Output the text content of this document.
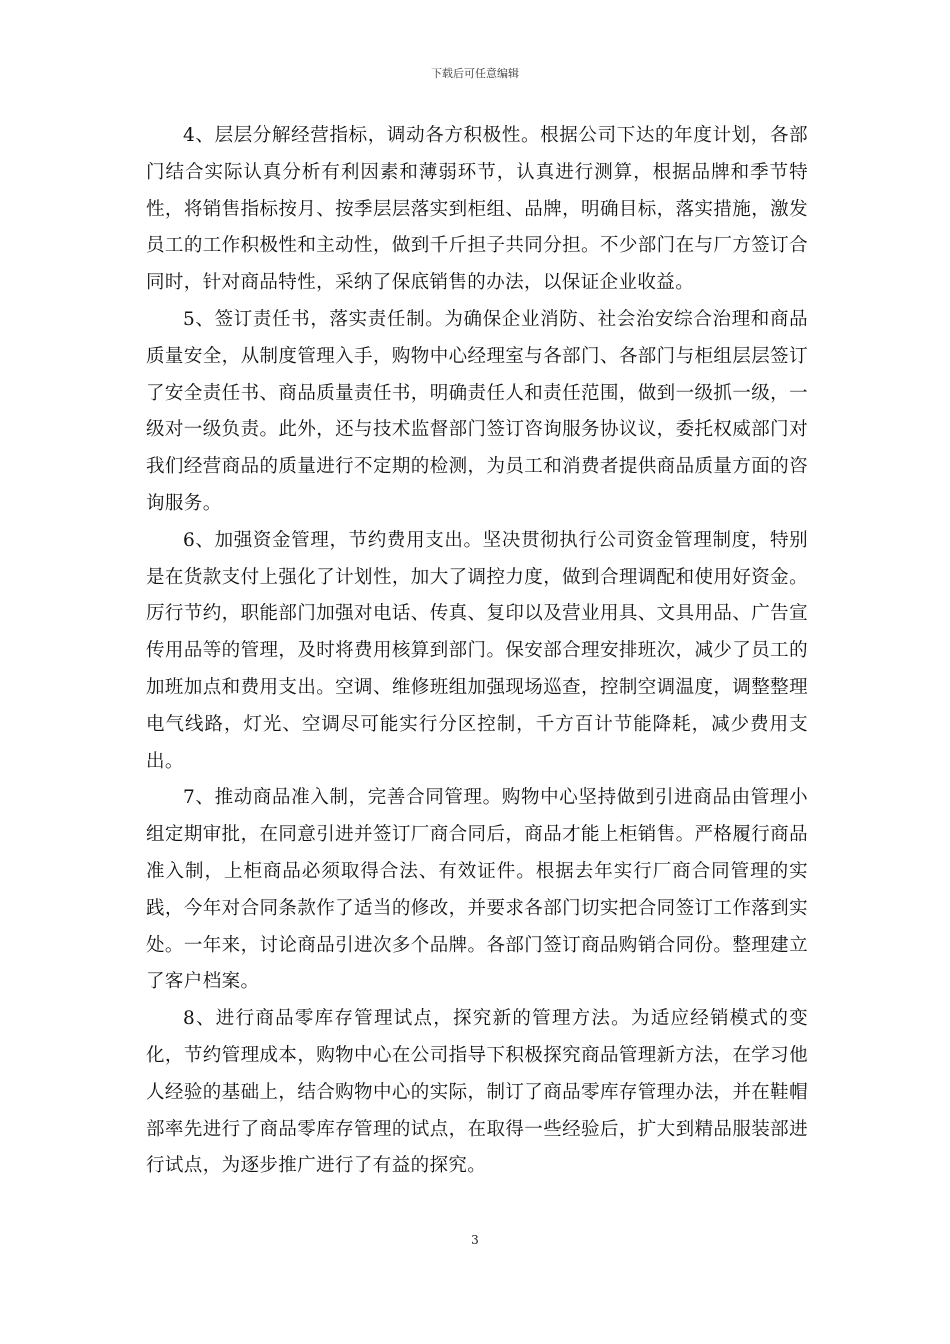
下载后可任意编辑

4、层层分解经营指标，调动各方积极性。根据公司下达的年度计划，各部门结合实际认真分析有利因素和薄弱环节，认真进行测算，根据品牌和季节特性，将销售指标按月、按季层层落实到柜组、品牌，明确目标，落实措施，激发员工的工作积极性和主动性，做到千斤担子共同分担。不少部门在与厂方签订合同时，针对商品特性，采纳了保底销售的办法，以保证企业收益。

5、签订责任书，落实责任制。为确保企业消防、社会治安综合治理和商品质量安全，从制度管理入手，购物中心经理室与各部门、各部门与柜组层层签订了安全责任书、商品质量责任书，明确责任人和责任范围，做到一级抓一级，一级对一级负责。此外，还与技术监督部门签订咨询服务协议议，委托权威部门对我们经营商品的质量进行不定期的检测，为员工和消费者提供商品质量方面的咨询服务。

6、加强资金管理，节约费用支出。坚决贯彻执行公司资金管理制度，特别是在货款支付上强化了计划性，加大了调控力度，做到合理调配和使用好资金。厉行节约，职能部门加强对电话、传真、复印以及营业用具、文具用品、广告宣传用品等的管理，及时将费用核算到部门。保安部合理安排班次，减少了员工的加班加点和费用支出。空调、维修班组加强现场巡查，控制空调温度，调整整理电气线路，灯光、空调尽可能实行分区控制，千方百计节能降耗，减少费用支出。

7、推动商品准入制，完善合同管理。购物中心坚持做到引进商品由管理小组定期审批，在同意引进并签订厂商合同后，商品才能上柜销售。严格履行商品准入制，上柜商品必须取得合法、有效证件。根据去年实行厂商合同管理的实践，今年对合同条款作了适当的修改，并要求各部门切实把合同签订工作落到实处。一年来，讨论商品引进次多个品牌。各部门签订商品购销合同份。整理建立了客户档案。

8、进行商品零库存管理试点，探究新的管理方法。为适应经销模式的变化，节约管理成本，购物中心在公司指导下积极探究商品管理新方法，在学习他人经验的基础上，结合购物中心的实际，制订了商品零库存管理办法，并在鞋帽部率先进行了商品零库存管理的试点，在取得一些经验后，扩大到精品服装部进行试点，为逐步推广进行了有益的探究。

3
